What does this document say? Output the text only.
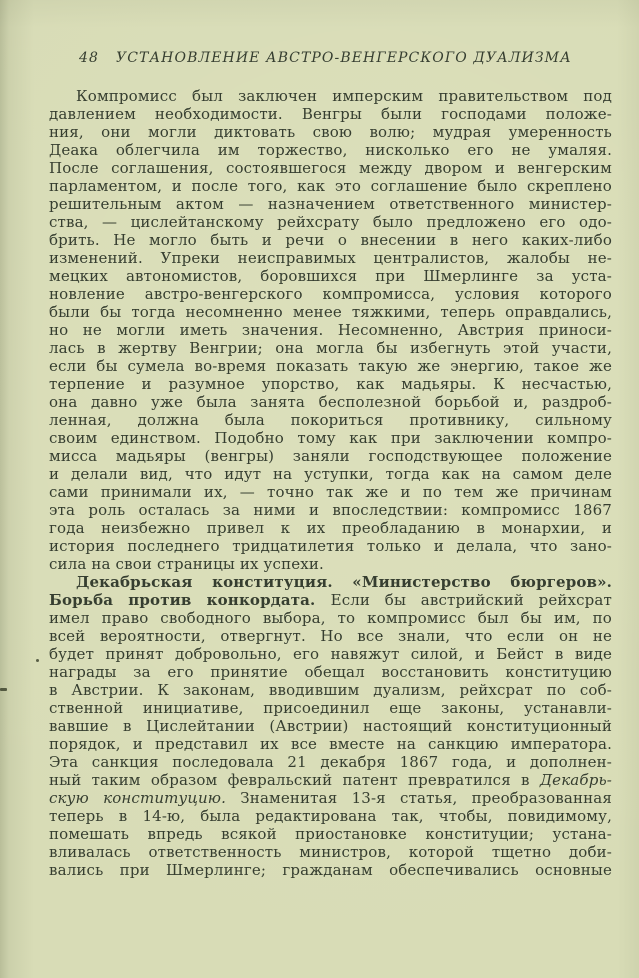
48 УСТАНОВЛЕНИЕ АВСТРО-ВЕНГЕРСКОГО ДУАЛИЗМА
Компромисс был заключен имперским правительством под
давлением необходимости. Венгры были господами положе-
ния, они могли диктовать свою волю; мудрая умеренность
Деака облегчила им торжество, нисколько его не умаляя.
После соглашения, состоявшегося между двором и венгерским
парламентом, и после того, как это соглашение было скреплено
решительным актом — назначением ответственного министер-
ства, — цислейтанскому рейхсрату было предложено его одо-
брить. Не могло быть и речи о внесении в него каких-либо
изменений. Упреки неисправимых централистов, жалобы не-
мецких автономистов, боровшихся при Шмерлинге за уста-
новление австро-венгерского компромисса, условия которого
были бы тогда несомненно менее тяжкими, теперь оправдались,
но не могли иметь значения. Несомненно, Австрия приноси-
лась в жертву Венгрии; она могла бы избегнуть этой участи,
если бы сумела во-время показать такую же энергию, такое же
терпение и разумное упорство, как мадьяры. К несчастью,
она давно уже была занята бесполезной борьбой и, раздроб-
ленная, должна была покориться противнику, сильному
своим единством. Подобно тому как при заключении компро-
мисса мадьяры (венгры) заняли господствующее положение
и делали вид, что идут на уступки, тогда как на самом деле
сами принимали их, — точно так же и по тем же причинам
эта роль осталась за ними и впоследствии: компромисс 1867
года неизбежно привел к их преобладанию в монархии, и
история последнего тридцатилетия только и делала, что зано-
сила на свои страницы их успехи.
Декабрьская конституция. «Министерство бюргеров».
Борьба против конкордата. Если бы австрийский рейхсрат
имел право свободного выбора, то компромисс был бы им, по
всей вероятности, отвергнут. Но все знали, что если он не
будет принят добровольно, его навяжут силой, и Бейст в виде
награды за его принятие обещал восстановить конституцию
в Австрии. К законам, вводившим дуализм, рейхсрат по соб-
ственной инициативе, присоединил еще законы, устанавли-
вавшие в Цислейтании (Австрии) настоящий конституционный
порядок, и представил их все вместе на санкцию императора.
Эта санкция последовала 21 декабря 1867 года, и дополнен-
ный таким образом февральский патент превратился в Декабрь-
скую конституцию. Знаменитая 13-я статья, преобразованная
теперь в 14-ю, была редактирована так, чтобы, повидимому,
помешать впредь всякой приостановке конституции; устана-
вливалась ответственность министров, которой тщетно доби-
вались при Шмерлинге; гражданам обеспечивались основные
